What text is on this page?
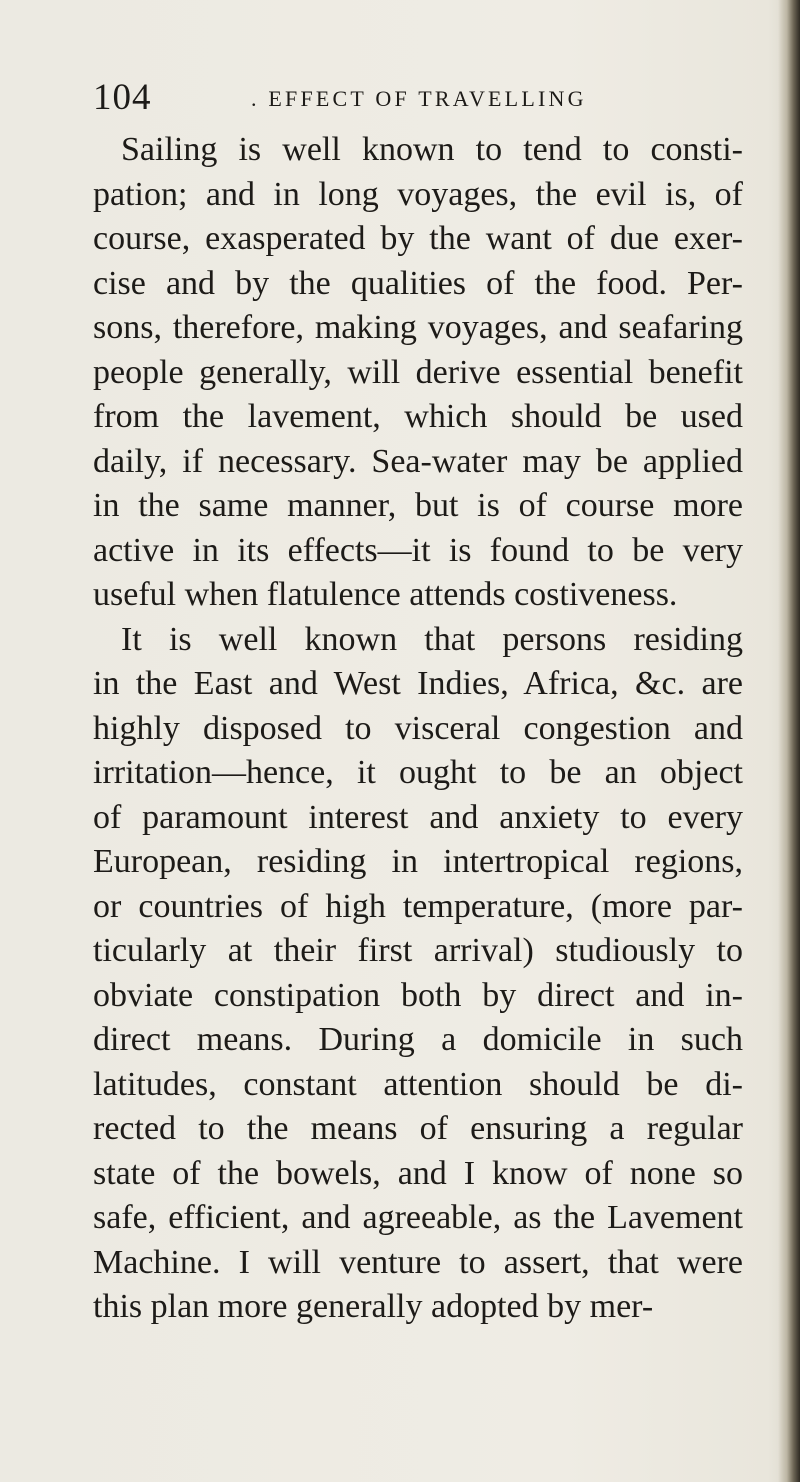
104	. EFFECT OF TRAVELLING
Sailing is well known to tend to consti-
pation; and in long voyages, the evil is, of
course, exasperated by the want of due exer-
cise and by the qualities of the food. Per-
sons, therefore, making voyages, and seafaring
people generally, will derive essential benefit
from the lavement, which should be used
daily, if necessary. Sea-water may be applied
in the same manner, but is of course more
active in its effects—it is found to be very
useful when flatulence attends costiveness.
It is well known that persons residing
in the East and West Indies, Africa, &c. are
highly disposed to visceral congestion and
irritation—hence, it ought to be an object
of paramount interest and anxiety to every
European, residing in intertropical regions,
or countries of high temperature, (more par-
ticularly at their first arrival) studiously to
obviate constipation both by direct and in-
direct means. During a domicile in such
latitudes, constant attention should be di-
rected to the means of ensuring a regular
state of the bowels, and I know of none so
safe, efficient, and agreeable, as the Lavement
Machine. I will venture to assert, that were
this plan more generally adopted by mer-
